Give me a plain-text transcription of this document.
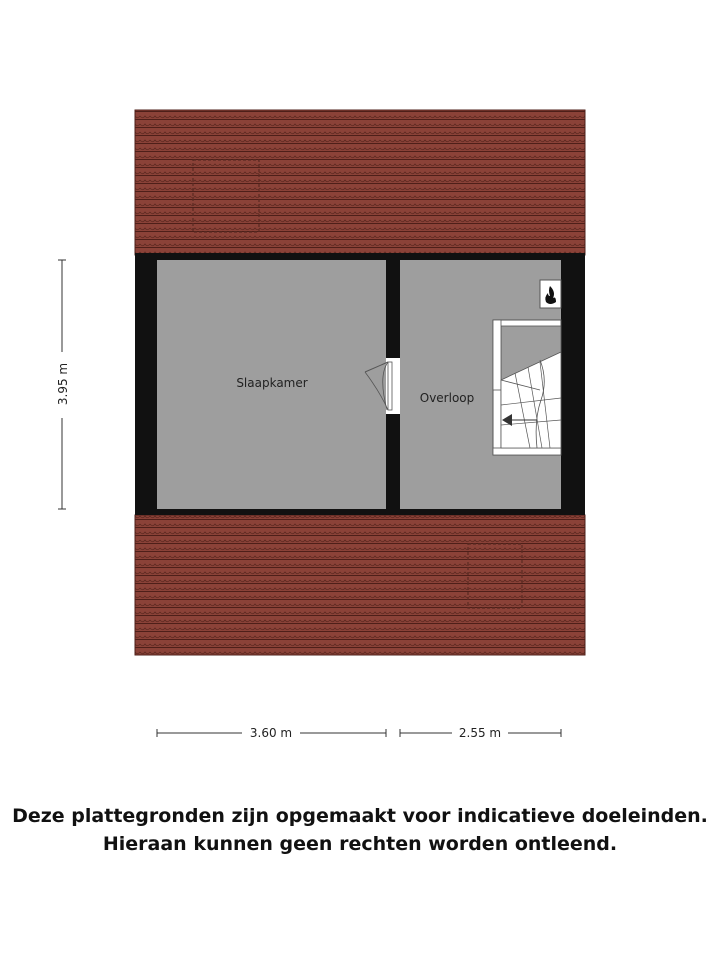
Slaapkamer
Overloop
3.95 m
3.60 m	2.55 m
Deze plattegronden zijn opgemaakt voor indicatieve doeleinden.
Hieraan kunnen geen rechten worden ontleend.
